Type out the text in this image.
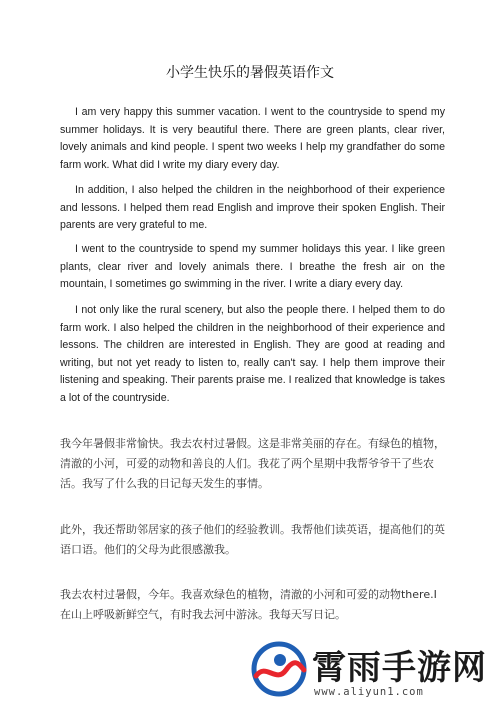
小学生快乐的暑假英语作文

I am very happy this summer vacation. I went to the countryside to spend my summer holidays. It is very beautiful there. There are green plants, clear river, lovely animals and kind people. I spent two weeks I help my grandfather do some farm work. What did I write my diary every day.

In addition, I also helped the children in the neighborhood of their experience and lessons. I helped them read English and improve their spoken English. Their parents are very grateful to me.

I went to the countryside to spend my summer holidays this year. I like green plants, clear river and lovely animals there. I breathe the fresh air on the mountain, I sometimes go swimming in the river. I write a diary every day.

I not only like the rural scenery, but also the people there. I helped them to do farm work. I also helped the children in the neighborhood of their experience and lessons. The children are interested in English. They are good at reading and writing, but not yet ready to listen to, really can't say. I help them improve their listening and speaking. Their parents praise me. I realized that knowledge is takes a lot of the countryside.

我今年暑假非常愉快。我去农村过暑假。这是非常美丽的存在。有绿色的植物，清澈的小河，可爱的动物和善良的人们。我花了两个星期中我帮爷爷干了些农活。我写了什么我的日记每天发生的事情。

此外，我还帮助邻居家的孩子他们的经验教训。我帮他们读英语，提高他们的英语口语。他们的父母为此很感激我。

我去农村过暑假，今年。我喜欢绿色的植物，清澈的小河和可爱的动物there.I在山上呼吸新鲜空气，有时我去河中游泳。我每天写日记。

霄雨手游网
www.aliyun1.com
